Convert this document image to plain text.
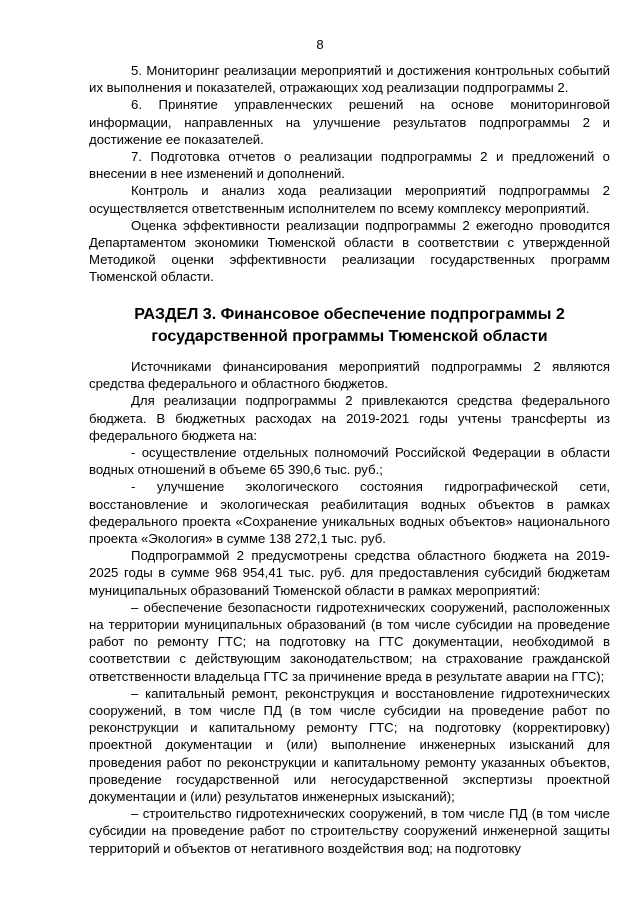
8

5. Мониторинг реализации мероприятий и достижения контрольных событий их выполнения и показателей, отражающих ход реализации подпрограммы 2.

6. Принятие управленческих решений на основе мониторинговой информации, направленных на улучшение результатов подпрограммы 2 и достижение ее показателей.

7. Подготовка отчетов о реализации подпрограммы 2 и предложений о внесении в нее изменений и дополнений.

Контроль и анализ хода реализации мероприятий подпрограммы 2 осуществляется ответственным исполнителем по всему комплексу мероприятий.

Оценка эффективности реализации подпрограммы 2 ежегодно проводится Департаментом экономики Тюменской области в соответствии с утвержденной Методикой оценки эффективности реализации государственных программ Тюменской области.

РАЗДЕЛ 3. Финансовое обеспечение подпрограммы 2
государственной программы Тюменской области

Источниками финансирования мероприятий подпрограммы 2 являются средства федерального и областного бюджетов.

Для реализации подпрограммы 2 привлекаются средства федерального бюджета. В бюджетных расходах на 2019-2021 годы учтены трансферты из федерального бюджета на:

- осуществление отдельных полномочий Российской Федерации в области водных отношений в объеме 65 390,6 тыс. руб.;

- улучшение экологического состояния гидрографической сети, восстановление и экологическая реабилитация водных объектов в рамках федерального проекта «Сохранение уникальных водных объектов» национального проекта «Экология» в сумме 138 272,1 тыс. руб.

Подпрограммой 2 предусмотрены средства областного бюджета на 2019-2025 годы в сумме 968 954,41 тыс. руб. для предоставления субсидий бюджетам муниципальных образований Тюменской области в рамках мероприятий:

– обеспечение безопасности гидротехнических сооружений, расположенных на территории муниципальных образований (в том числе субсидии на проведение работ по ремонту ГТС; на подготовку на ГТС документации, необходимой в соответствии с действующим законодательством; на страхование гражданской ответственности владельца ГТС за причинение вреда в результате аварии на ГТС);

– капитальный ремонт, реконструкция и восстановление гидротехнических сооружений, в том числе ПД (в том числе субсидии на проведение работ по реконструкции и капитальному ремонту ГТС; на подготовку (корректировку) проектной документации и (или) выполнение инженерных изысканий для проведения работ по реконструкции и капитальному ремонту указанных объектов, проведение государственной или негосударственной экспертизы проектной документации и (или) результатов инженерных изысканий);

– строительство гидротехнических сооружений, в том числе ПД (в том числе субсидии на проведение работ по строительству сооружений инженерной защиты территорий и объектов от негативного воздействия вод; на подготовку
